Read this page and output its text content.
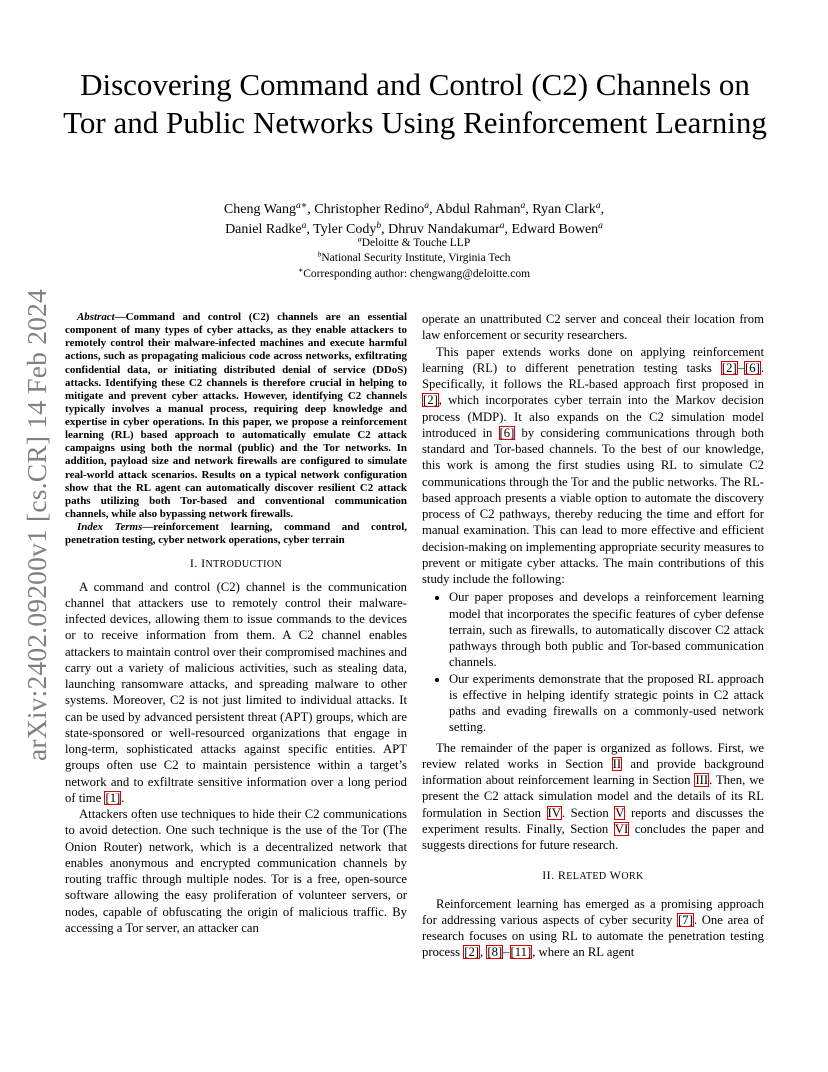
arXiv:2402.09200v1 [cs.CR] 14 Feb 2024
Discovering Command and Control (C2) Channels on Tor and Public Networks Using Reinforcement Learning
Cheng Wang$^{a∗}$, Christopher Redino$^a$, Abdul Rahman$^a$, Ryan Clark$^a$,
Daniel Radke$^a$, Tyler Cody$^b$, Dhruv Nandakumar$^a$, Edward Bowen$^a$
$^a$Deloitte & Touche LLP
$^b$National Security Institute, Virginia Tech
∗Corresponding author: chengwang@deloitte.com

Abstract—Command and control (C2) channels are an essential component of many types of cyber attacks, as they enable attackers to remotely control their malware-infected machines and execute harmful actions, such as propagating malicious code across networks, exfiltrating confidential data, or initiating distributed denial of service (DDoS) attacks. Identifying these C2 channels is therefore crucial in helping to mitigate and prevent cyber attacks. However, identifying C2 channels typically involves a manual process, requiring deep knowledge and expertise in cyber operations. In this paper, we propose a reinforcement learning (RL) based approach to automatically emulate C2 attack campaigns using both the normal (public) and the Tor networks. In addition, payload size and network firewalls are configured to simulate real-world attack scenarios. Results on a typical network configuration show that the RL agent can automatically discover resilient C2 attack paths utilizing both Tor-based and conventional communication channels, while also bypassing network firewalls.

Index Terms—reinforcement learning, command and control, penetration testing, cyber network operations, cyber terrain

I. INTRODUCTION

A command and control (C2) channel is the communication channel that attackers use to remotely control their malware-infected devices, allowing them to issue commands to the devices or to receive information from them. A C2 channel enables attackers to maintain control over their compromised machines and carry out a variety of malicious activities, such as stealing data, launching ransomware attacks, and spreading malware to other systems. Moreover, C2 is not just limited to individual attacks. It can be used by advanced persistent threat (APT) groups, which are state-sponsored or well-resourced organizations that engage in long-term, sophisticated attacks against specific entities. APT groups often use C2 to maintain persistence within a target’s network and to exfiltrate sensitive information over a long period of time [1].

Attackers often use techniques to hide their C2 communications to avoid detection. One such technique is the use of the Tor (The Onion Router) network, which is a decentralized network that enables anonymous and encrypted communication channels by routing traffic through multiple nodes. Tor is a free, open-source software allowing the easy proliferation of volunteer servers, or nodes, capable of obfuscating the origin of malicious traffic. By accessing a Tor server, an attacker can

operate an unattributed C2 server and conceal their location from law enforcement or security researchers.

This paper extends works done on applying reinforcement learning (RL) to different penetration testing tasks [2]–[6]. Specifically, it follows the RL-based approach first proposed in [2], which incorporates cyber terrain into the Markov decision process (MDP). It also expands on the C2 simulation model introduced in [6] by considering communications through both standard and Tor-based channels. To the best of our knowledge, this work is among the first studies using RL to simulate C2 communications through the Tor and the public networks. The RL-based approach presents a viable option to automate the discovery process of C2 pathways, thereby reducing the time and effort for manual examination. This can lead to more effective and efficient decision-making on implementing appropriate security measures to prevent or mitigate cyber attacks. The main contributions of this study include the following:

• Our paper proposes and develops a reinforcement learning model that incorporates the specific features of cyber defense terrain, such as firewalls, to automatically discover C2 attack pathways through both public and Tor-based communication channels.
• Our experiments demonstrate that the proposed RL approach is effective in helping identify strategic points in C2 attack paths and evading firewalls on a commonly-used network setting.

The remainder of the paper is organized as follows. First, we review related works in Section II and provide background information about reinforcement learning in Section III. Then, we present the C2 attack simulation model and the details of its RL formulation in Section IV. Section V reports and discusses the experiment results. Finally, Section VI concludes the paper and suggests directions for future research.

II. RELATED WORK

Reinforcement learning has emerged as a promising approach for addressing various aspects of cyber security [7]. One area of research focuses on using RL to automate the penetration testing process [2], [8]–[11], where an RL agent
